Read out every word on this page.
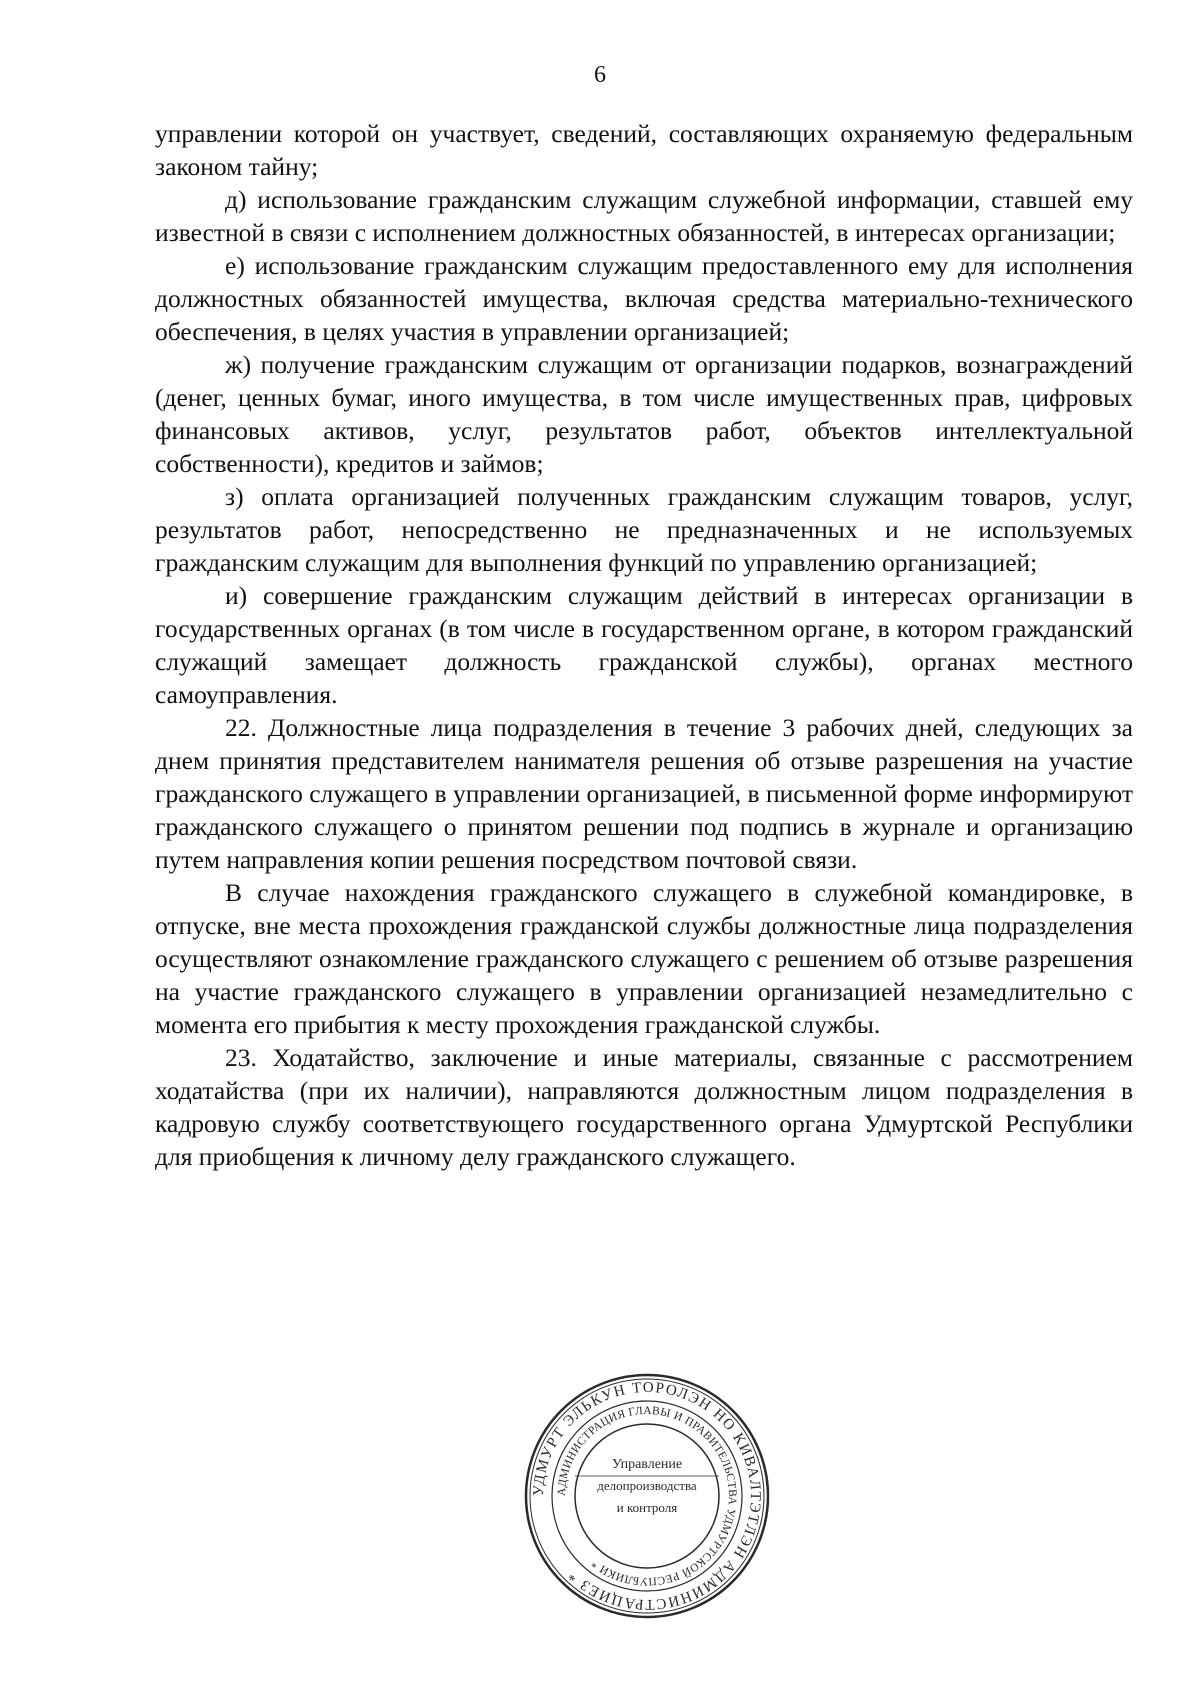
6

управлении которой он участвует, сведений, составляющих охраняемую федеральным законом тайну;

д) использование гражданским служащим служебной информации, ставшей ему известной в связи с исполнением должностных обязанностей, в интересах организации;

е) использование гражданским служащим предоставленного ему для исполнения должностных обязанностей имущества, включая средства материально-технического обеспечения, в целях участия в управлении организацией;

ж) получение гражданским служащим от организации подарков, вознаграждений (денег, ценных бумаг, иного имущества, в том числе имущественных прав, цифровых финансовых активов, услуг, результатов работ, объектов интеллектуальной собственности), кредитов и займов;

з) оплата организацией полученных гражданским служащим товаров, услуг, результатов работ, непосредственно не предназначенных и не используемых гражданским служащим для выполнения функций по управлению организацией;

и) совершение гражданским служащим действий в интересах организации в государственных органах (в том числе в государственном органе, в котором гражданский служащий замещает должность гражданской службы), органах местного самоуправления.

22. Должностные лица подразделения в течение 3 рабочих дней, следующих за днем принятия представителем нанимателя решения об отзыве разрешения на участие гражданского служащего в управлении организацией, в письменной форме информируют гражданского служащего о принятом решении под подпись в журнале и организацию путем направления копии решения посредством почтовой связи.

В случае нахождения гражданского служащего в служебной командировке, в отпуске, вне места прохождения гражданской службы должностные лица подразделения осуществляют ознакомление гражданского служащего с решением об отзыве разрешения на участие гражданского служащего в управлении организацией незамедлительно с момента его прибытия к месту прохождения гражданской службы.

23. Ходатайство, заключение и иные материалы, связанные с рассмотрением ходатайства (при их наличии), направляются должностным лицом подразделения в кадровую службу соответствующего государственного органа Удмуртской Республики для приобщения к личному делу гражданского служащего.

УДМУРТ ЭЛЬКУН ТОРОЛЭН НО КИВАЛТЭТЛЭН АДМИНИСТРАЦИЕЗ *
АДМИНИСТРАЦИЯ ГЛАВЫ И ПРАВИТЕЛЬСТВА УДМУРТСКОЙ РЕСПУБЛИКИ *
Управление
делопроизводства
и контроля
